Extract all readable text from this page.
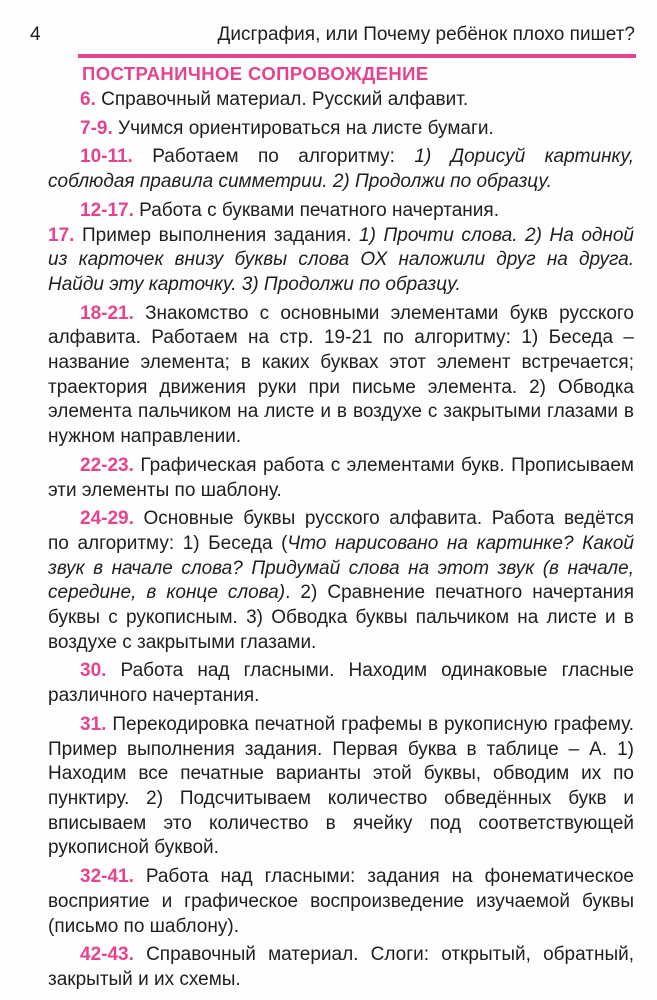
4	Дисграфия, или Почему ребёнок плохо пишет?
ПОСТРАНИЧНОЕ СОПРОВОЖДЕНИЕ

6. Справочный материал. Русский алфавит.

7-9. Учимся ориентироваться на листе бумаги.

10-11. Работаем по алгоритму: 1) Дорисуй картинку, соблюдая правила симметрии. 2) Продолжи по образцу.

12-17. Работа с буквами печатного начертания.

17. Пример выполнения задания. 1) Прочти слова. 2) На одной из карточек внизу буквы слова ОХ наложили друг на друга. Найди эту карточку. 3) Продолжи по образцу.

18-21. Знакомство с основными элементами букв русского алфавита. Работаем на стр. 19-21 по алгоритму: 1) Беседа – название элемента; в каких буквах этот элемент встречается; траектория движения руки при письме элемента. 2) Обводка элемента пальчиком на листе и в воздухе с закрытыми глазами в нужном направлении.

22-23. Графическая работа с элементами букв. Прописываем эти элементы по шаблону.

24-29. Основные буквы русского алфавита. Работа ведётся по алгоритму: 1) Беседа (Что нарисовано на картинке? Какой звук в начале слова? Придумай слова на этот звук (в начале, середине, в конце слова). 2) Сравнение печатного начертания буквы с рукописным. 3) Обводка буквы пальчиком на листе и в воздухе с закрытыми глазами.

30. Работа над гласными. Находим одинаковые гласные различного начертания.

31. Перекодировка печатной графемы в рукописную графему. Пример выполнения задания. Первая буква в таблице – А. 1) Находим все печатные варианты этой буквы, обводим их по пунктиру. 2) Подсчитываем количество обведённых букв и вписываем это количество в ячейку под соответствующей рукописной буквой.

32-41. Работа над гласными: задания на фонематическое восприятие и графическое воспроизведение изучаемой буквы (письмо по шаблону).

42-43. Справочный материал. Слоги: открытый, обратный, закрытый и их схемы.
